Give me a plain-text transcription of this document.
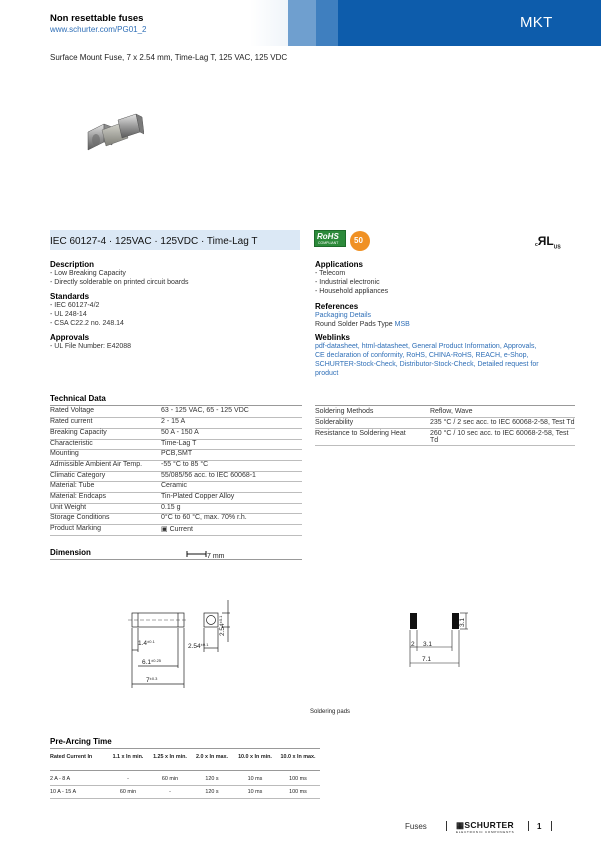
Non resettable fuses
www.schurter.com/PG01_2	MKT
Surface Mount Fuse, 7 x 2.54 mm, Time-Lag T, 125 VAC, 125 VDC
IEC 60127-4 · 125VAC · 125VDC · Time-Lag T	RoHS
COMPLIANT 50	cЯL$_{US}$
Description
- Low Breaking Capacity
- Directly solderable on printed circuit boards
Standards
- IEC 60127-4/2
- UL 248-14
- CSA C22.2 no. 248.14
Approvals
- UL File Number: E42088
Applications
- Telecom
- Industrial electronic
- Household appliances
References
Packaging Details
Round Solder Pads Type MSB
Weblinks
pdf-datasheet, html-datasheet, General Product Information, Approvals,
CE declaration of conformity, RoHS, CHINA-RoHS, REACH, e-Shop,
SCHURTER-Stock-Check, Distributor-Stock-Check, Detailed request for
product
Technical Data
Rated Voltage	63 - 125 VAC, 65 - 125 VDC
Rated current	2 - 15 A
Breaking Capacity	50 A - 150 A
Characteristic	Time-Lag T
Mounting	PCB,SMT
Admissible Ambient Air Temp.	-55 °C to 85 °C
Climatic Category	55/085/56 acc. to IEC 60068-1
Material: Tube	Ceramic
Material: Endcaps	Tin-Plated Copper Alloy
Unit Weight	0.15 g
Storage Conditions	0°C to 60 °C, max. 70% r.h.
Product Marking	▣ Current
Soldering Methods	Reflow, Wave
Solderability	235 °C / 2 sec acc. to IEC 60068-2-58, Test Td
Resistance to Soldering Heat	260 °C / 10 sec acc. to IEC 60068-2-58, Test Td
Dimension	7 mm
$1.4^{\pm 0.1}$
$6.1^{\pm 0.25}$
$7^{\pm 0.3}$
$2.54^{\pm 0.1}$
$2.54^{\pm 0.1}$
2 3.1
7.1
3.1
Soldering pads
Pre-Arcing Time
Rated Current In	1.1 x In min.	1.25 x In min.	2.0 x In max.	10.0 x In min.	10.0 x In max.
2 A - 8 A	-	60 min	120 s	10 ms	100 ms
10 A - 15 A	60 min	-	120 s	10 ms	100 ms
Fuses	▦SCHURTER
ELECTRONIC COMPONENTS
1
